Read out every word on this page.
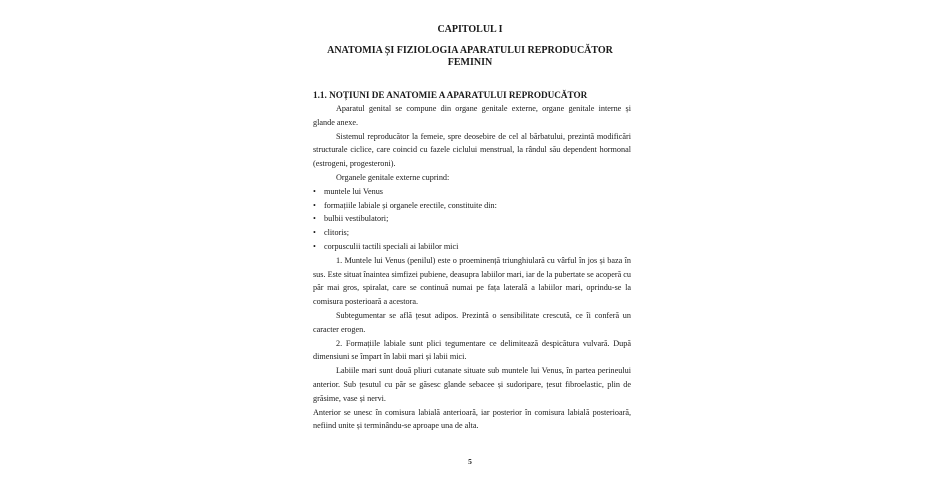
CAPITOLUL I
ANATOMIA ȘI FIZIOLOGIA APARATULUI REPRODUCĂTOR
FEMININ
1.1. NOȚIUNI DE ANATOMIE A APARATULUI REPRODUCĂTOR

Aparatul genital se compune din organe genitale externe, organe genitale interne și glande anexe.

Sistemul reproducător la femeie, spre deosebire de cel al bărbatului, prezintă modificări structurale ciclice, care coincid cu fazele ciclului menstrual, la rândul său dependent hormonal (estrogeni, progesteroni).

Organele genitale externe cuprind:

• muntele lui Venus
• formațiile labiale și organele erectile, constituite din:
• bulbii vestibulatori;
• clitoris;
• corpusculii tactili speciali ai labiilor mici

1. Muntele lui Venus (penilul) este o proeminență triunghiulară cu vârful în jos și baza în sus. Este situat înaintea simfizei pubiene, deasupra labiilor mari, iar de la pubertate se acoperă cu păr mai gros, spiralat, care se continuă numai pe fața laterală a labiilor mari, oprindu-se la comisura posterioară a acestora.

Subtegumentar se află țesut adipos. Prezintă o sensibilitate crescută, ce îi conferă un caracter erogen.

2. Formațiile labiale sunt plici tegumentare ce delimitează despicătura vulvară. După dimensiuni se împart în labii mari și labii mici.

Labiile mari sunt două pliuri cutanate situate sub muntele lui Venus, în partea perineului anterior. Sub țesutul cu păr se găsesc glande sebacee și sudoripare, țesut fibroelastic, plin de grăsime, vase și nervi.

Anterior se unesc în comisura labială anterioară, iar posterior în comisura labială posterioară, nefiind unite și terminându-se aproape una de alta.

5
